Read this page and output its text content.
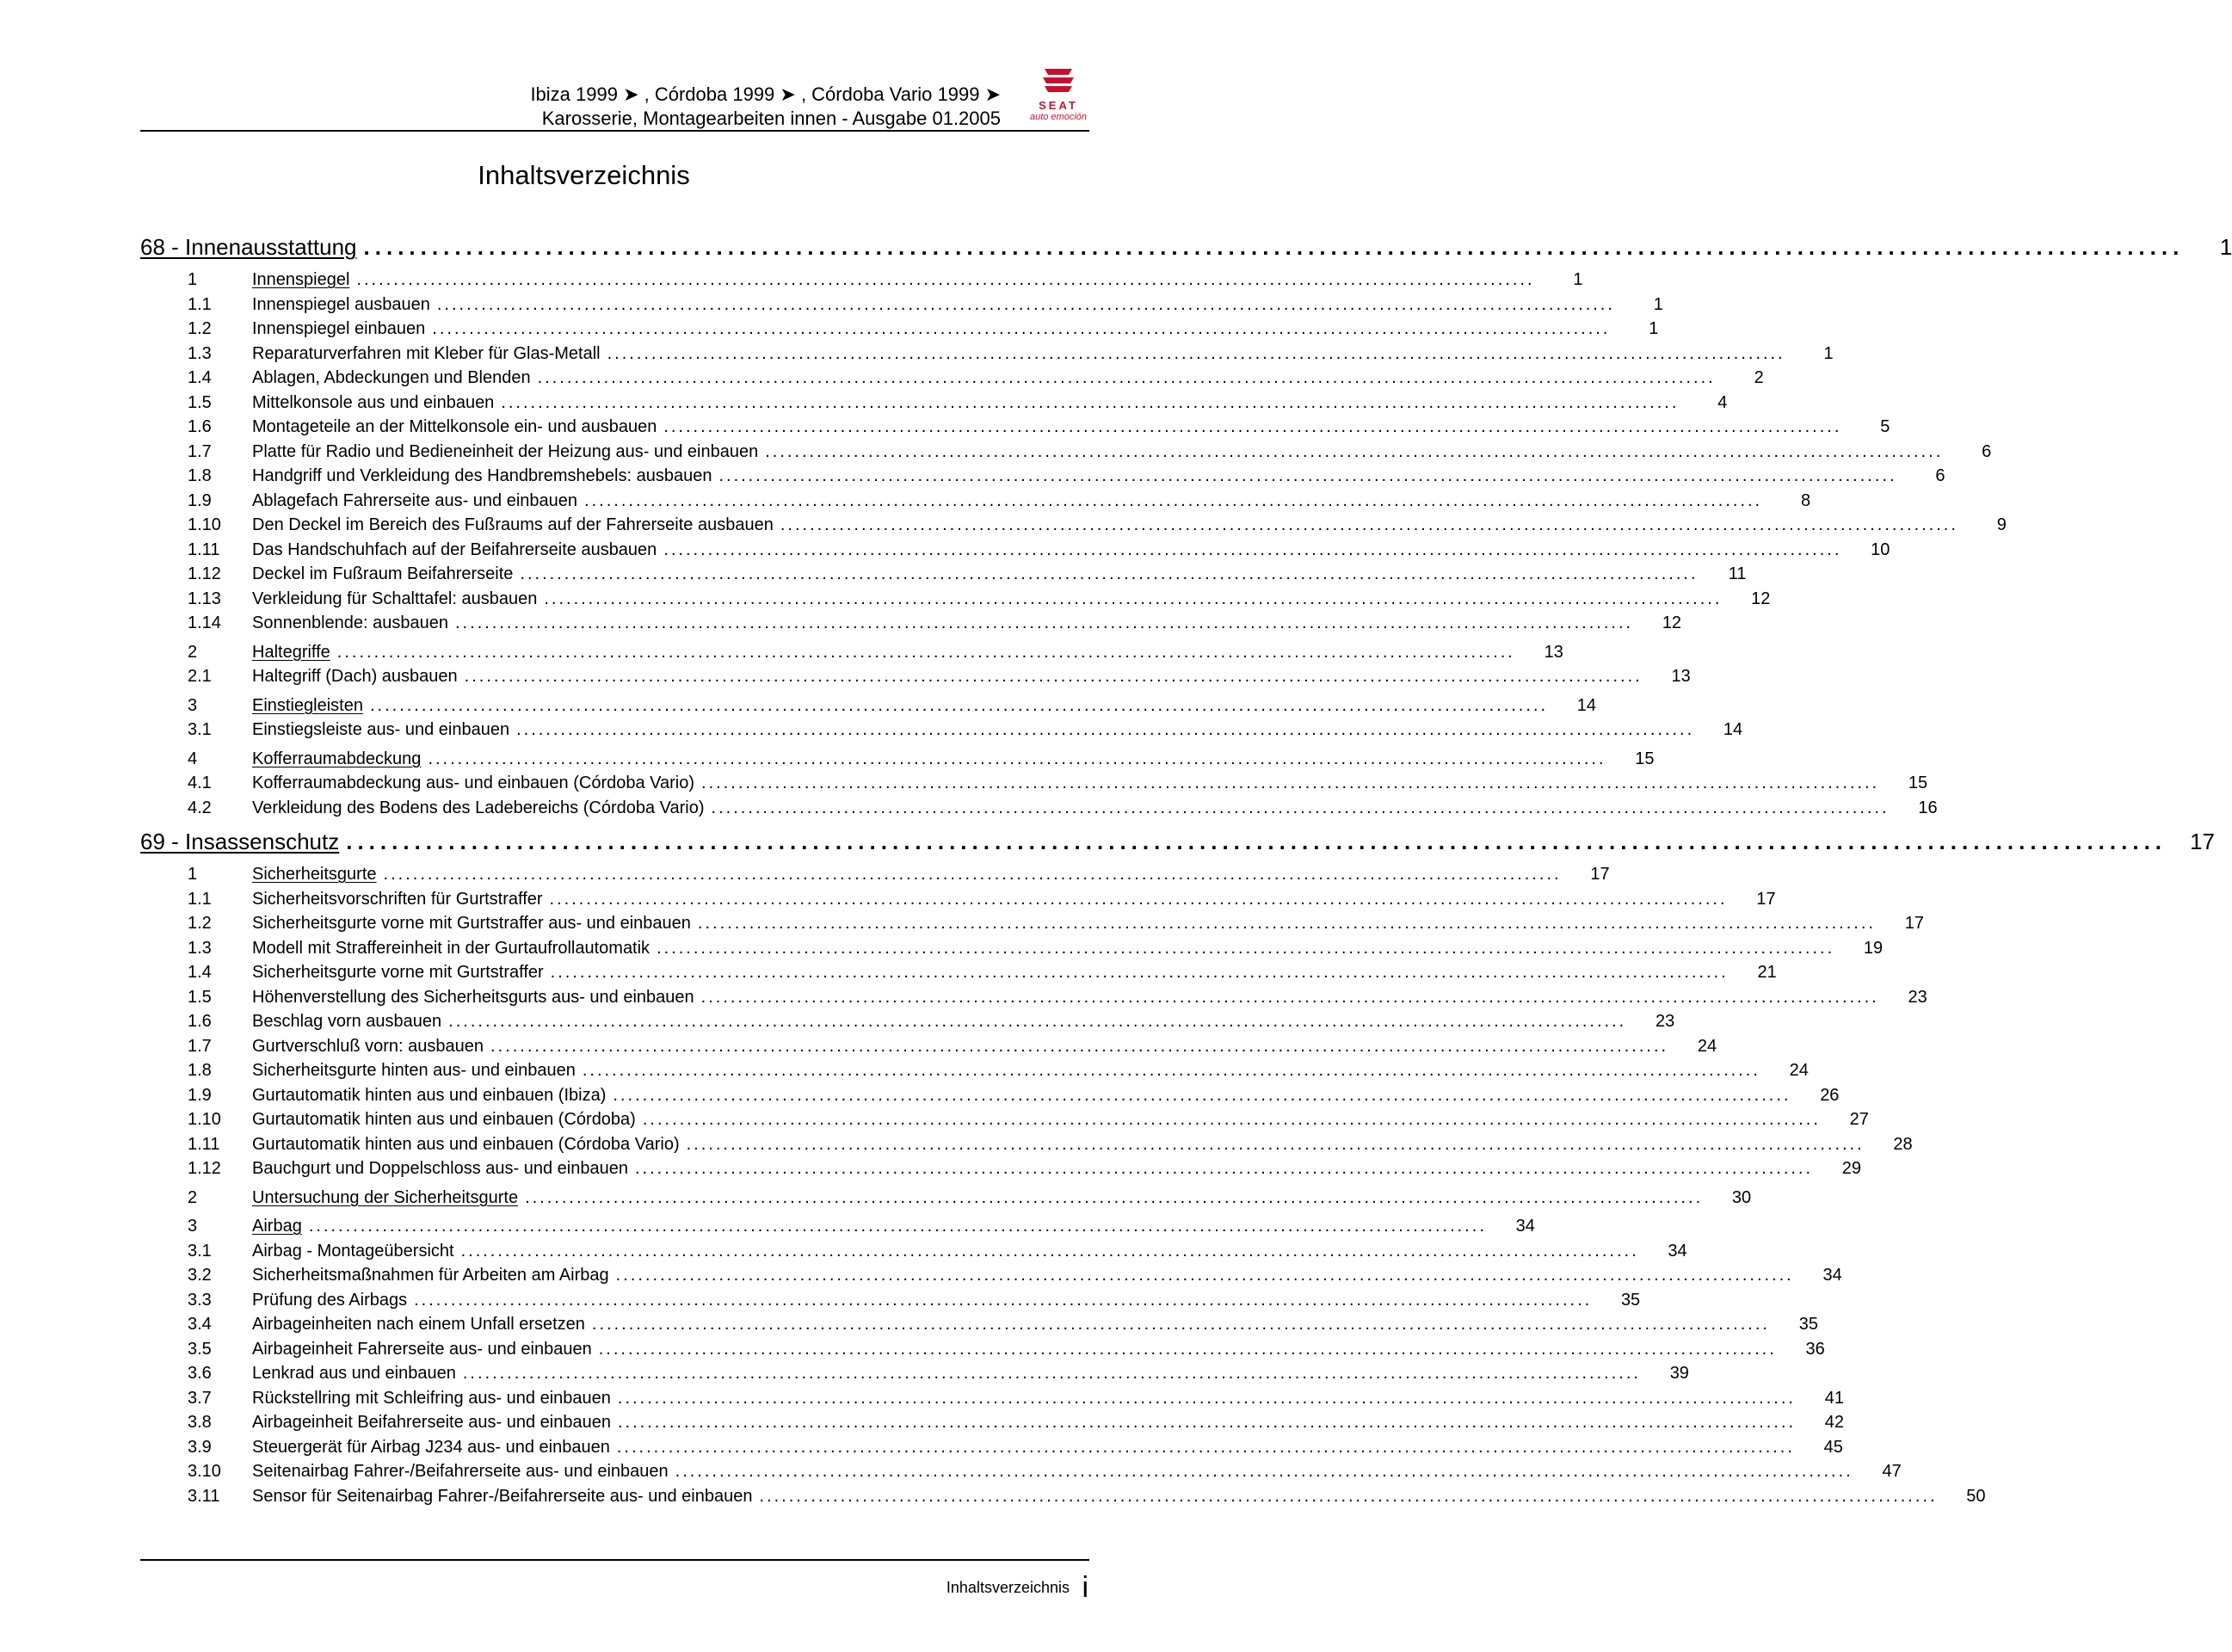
Ibiza 1999 ➤ , Córdoba 1999 ➤ , Córdoba Vario 1999 ➤
Karosserie, Montagearbeiten innen - Ausgabe 01.2005
SEAT
auto emoción
Inhaltsverzeichnis
68 - Innenausstattung ................................................................................................................................................................	1
1	Innenspiegel ................................................................................................................................................................	1
1.1	Innenspiegel ausbauen ................................................................................................................................................................	1
1.2	Innenspiegel einbauen ................................................................................................................................................................	1
1.3	Reparaturverfahren mit Kleber für Glas-Metall ................................................................................................................................................................	1
1.4	Ablagen, Abdeckungen und Blenden ................................................................................................................................................................	2
1.5	Mittelkonsole aus und einbauen ................................................................................................................................................................	4
1.6	Montageteile an der Mittelkonsole ein- und ausbauen ................................................................................................................................................................	5
1.7	Platte für Radio und Bedieneinheit der Heizung aus- und einbauen ................................................................................................................................................................	6
1.8	Handgriff und Verkleidung des Handbremshebels: ausbauen ................................................................................................................................................................	6
1.9	Ablagefach Fahrerseite aus- und einbauen ................................................................................................................................................................	8
1.10	Den Deckel im Bereich des Fußraums auf der Fahrerseite ausbauen ................................................................................................................................................................	9
1.11	Das Handschuhfach auf der Beifahrerseite ausbauen ................................................................................................................................................................	10
1.12	Deckel im Fußraum Beifahrerseite ................................................................................................................................................................	11
1.13	Verkleidung für Schalttafel: ausbauen ................................................................................................................................................................	12
1.14	Sonnenblende: ausbauen ................................................................................................................................................................	12
2	Haltegriffe ................................................................................................................................................................	13
2.1	Haltegriff (Dach) ausbauen ................................................................................................................................................................	13
3	Einstiegleisten ................................................................................................................................................................	14
3.1	Einstiegsleiste aus- und einbauen ................................................................................................................................................................	14
4	Kofferraumabdeckung ................................................................................................................................................................	15
4.1	Kofferraumabdeckung aus- und einbauen (Córdoba Vario) ................................................................................................................................................................	15
4.2	Verkleidung des Bodens des Ladebereichs (Córdoba Vario) ................................................................................................................................................................	16
69 - Insassenschutz ................................................................................................................................................................	17
1	Sicherheitsgurte ................................................................................................................................................................	17
1.1	Sicherheitsvorschriften für Gurtstraffer ................................................................................................................................................................	17
1.2	Sicherheitsgurte vorne mit Gurtstraffer aus- und einbauen ................................................................................................................................................................	17
1.3	Modell mit Straffereinheit in der Gurtaufrollautomatik ................................................................................................................................................................	19
1.4	Sicherheitsgurte vorne mit Gurtstraffer ................................................................................................................................................................	21
1.5	Höhenverstellung des Sicherheitsgurts aus- und einbauen ................................................................................................................................................................	23
1.6	Beschlag vorn ausbauen ................................................................................................................................................................	23
1.7	Gurtverschluß vorn: ausbauen ................................................................................................................................................................	24
1.8	Sicherheitsgurte hinten aus- und einbauen ................................................................................................................................................................	24
1.9	Gurtautomatik hinten aus und einbauen (Ibiza) ................................................................................................................................................................	26
1.10	Gurtautomatik hinten aus und einbauen (Córdoba) ................................................................................................................................................................	27
1.11	Gurtautomatik hinten aus und einbauen (Córdoba Vario) ................................................................................................................................................................	28
1.12	Bauchgurt und Doppelschloss aus- und einbauen ................................................................................................................................................................	29
2	Untersuchung der Sicherheitsgurte ................................................................................................................................................................	30
3	Airbag ................................................................................................................................................................	34
3.1	Airbag - Montageübersicht ................................................................................................................................................................	34
3.2	Sicherheitsmaßnahmen für Arbeiten am Airbag ................................................................................................................................................................	34
3.3	Prüfung des Airbags ................................................................................................................................................................	35
3.4	Airbageinheiten nach einem Unfall ersetzen ................................................................................................................................................................	35
3.5	Airbageinheit Fahrerseite aus- und einbauen ................................................................................................................................................................	36
3.6	Lenkrad aus und einbauen ................................................................................................................................................................	39
3.7	Rückstellring mit Schleifring aus- und einbauen ................................................................................................................................................................	41
3.8	Airbageinheit Beifahrerseite aus- und einbauen ................................................................................................................................................................	42
3.9	Steuergerät für Airbag J234 aus- und einbauen ................................................................................................................................................................	45
3.10	Seitenairbag Fahrer-/Beifahrerseite aus- und einbauen ................................................................................................................................................................	47
3.11	Sensor für Seitenairbag Fahrer-/Beifahrerseite aus- und einbauen ................................................................................................................................................................	50
Inhaltsverzeichnis i
